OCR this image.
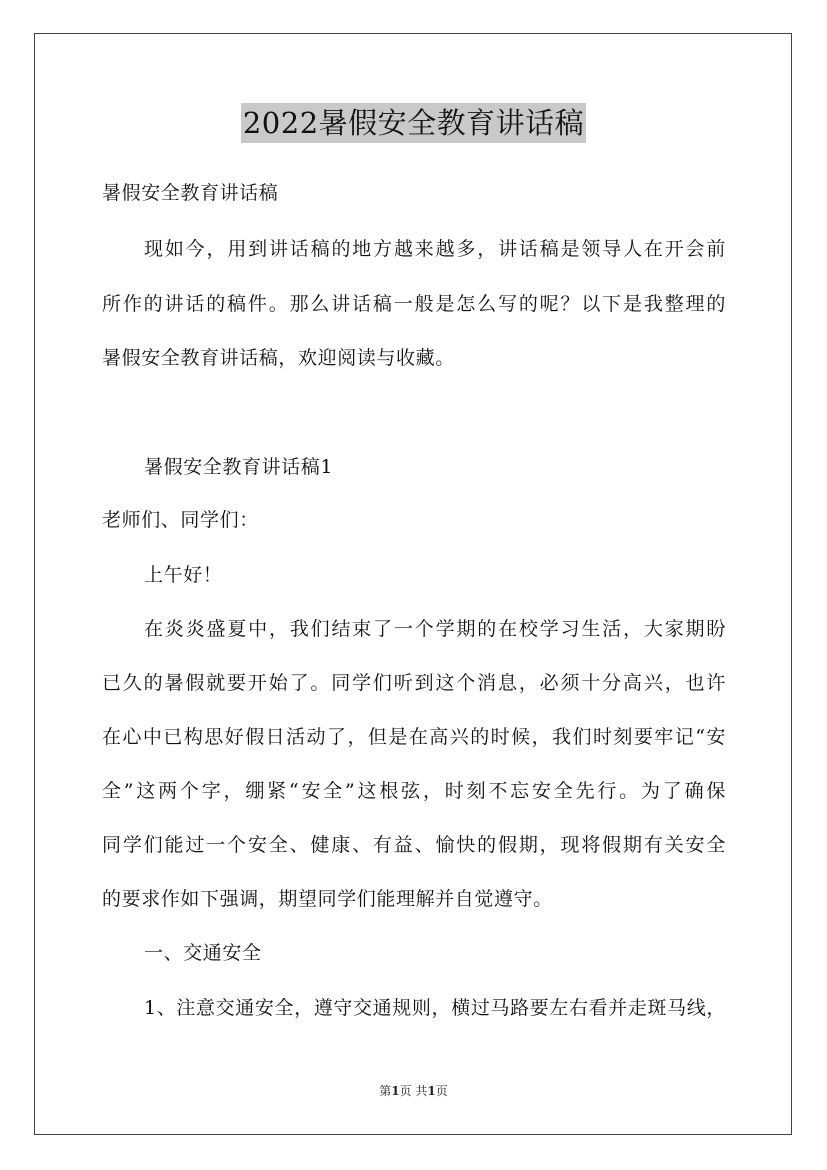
2022暑假安全教育讲话稿
暑假安全教育讲话稿
现如今，用到讲话稿的地方越来越多，讲话稿是领导人在开会前
所作的讲话的稿件。那么讲话稿一般是怎么写的呢？以下是我整理的
暑假安全教育讲话稿，欢迎阅读与收藏。
暑假安全教育讲话稿1
老师们、同学们：
上午好！
在炎炎盛夏中，我们结束了一个学期的在校学习生活，大家期盼
已久的暑假就要开始了。同学们听到这个消息，必须十分高兴，也许
在心中已构思好假日活动了，但是在高兴的时候，我们时刻要牢记“安
全”这两个字，绷紧“安全”这根弦，时刻不忘安全先行。为了确保
同学们能过一个安全、健康、有益、愉快的假期，现将假期有关安全
的要求作如下强调，期望同学们能理解并自觉遵守。
一、交通安全
1、注意交通安全，遵守交通规则，横过马路要左右看并走斑马线，
第1页 共1页
